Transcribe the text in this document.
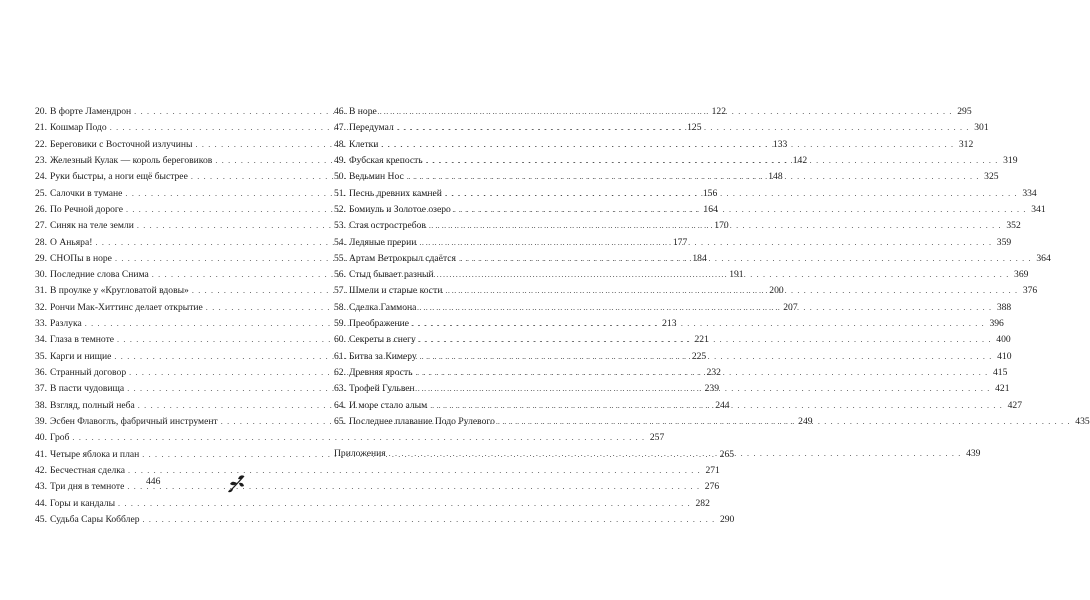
20. В форте Ламендрон . . .	122
21. Кошмар Подо . . .	125
22. Береговики с Восточной излучины . . .	133
23. Железный Кулак — король береговиков . . .	142
24. Руки быстры, а ноги ещё быстрее . . .	148
25. Салочки в тумане . . .	156
26. По Речной дороге . . .	164
27. Синяк на теле земли . . .	170
28. О Аньяра! . . .	177
29. СНОПы в норе . . .	184
30. Последние слова Снима . . .	191
31. В проулке у «Кругловатой вдовы» . . .	200
32. Рончи Мак-Хиттинс делает открытие . . .	207
33. Разлука . . .	213
34. Глаза в темноте . . .	221
35. Карги и нищие . . .	225
36. Странный договор . . .	232
37. В пасти чудовища . . .	239
38. Взгляд, полный неба . . .	244
39. Эсбен Флавоглъ, фабричный инструмент . . .	249
40. Гроб . . .	257
41. Четыре яблока и план . . .	265
42. Бесчестная сделка . . .	271
43. Три дня в темноте . . .	276
44. Горы и кандалы . . .	282
45. Судьба Сары Кобблер . . .	290
46. В норе . . .	295
47. Передумал . . .	301
48. Клетки . . .	312
49. Фубская крепость . . .	319
50. Ведьмин Нос . . .	325
51. Песнь древних камней . . .	334
52. Бомиуль и Золотое озеро . . .	341
53. Стая остростребов . . .	352
54. Ледяные прерии . . .	359
55. Артам Ветрокрыл сдаётся . . .	364
56. Стыд бывает разный . . .	369
57. Шмели и старые кости . . .	376
58. Сделка Гаммона . . .	388
59. Преображение . . .	396
60. Секреты в снегу . . .	400
61. Битва за Кимеру . . .	410
62. Древняя ярость . . .	415
63. Трофей Гульвен . . .	421
64. И море стало алым . . .	427
65. Последнее плавание Подо Рулевого . . .	435
Приложения . . .	439
446
